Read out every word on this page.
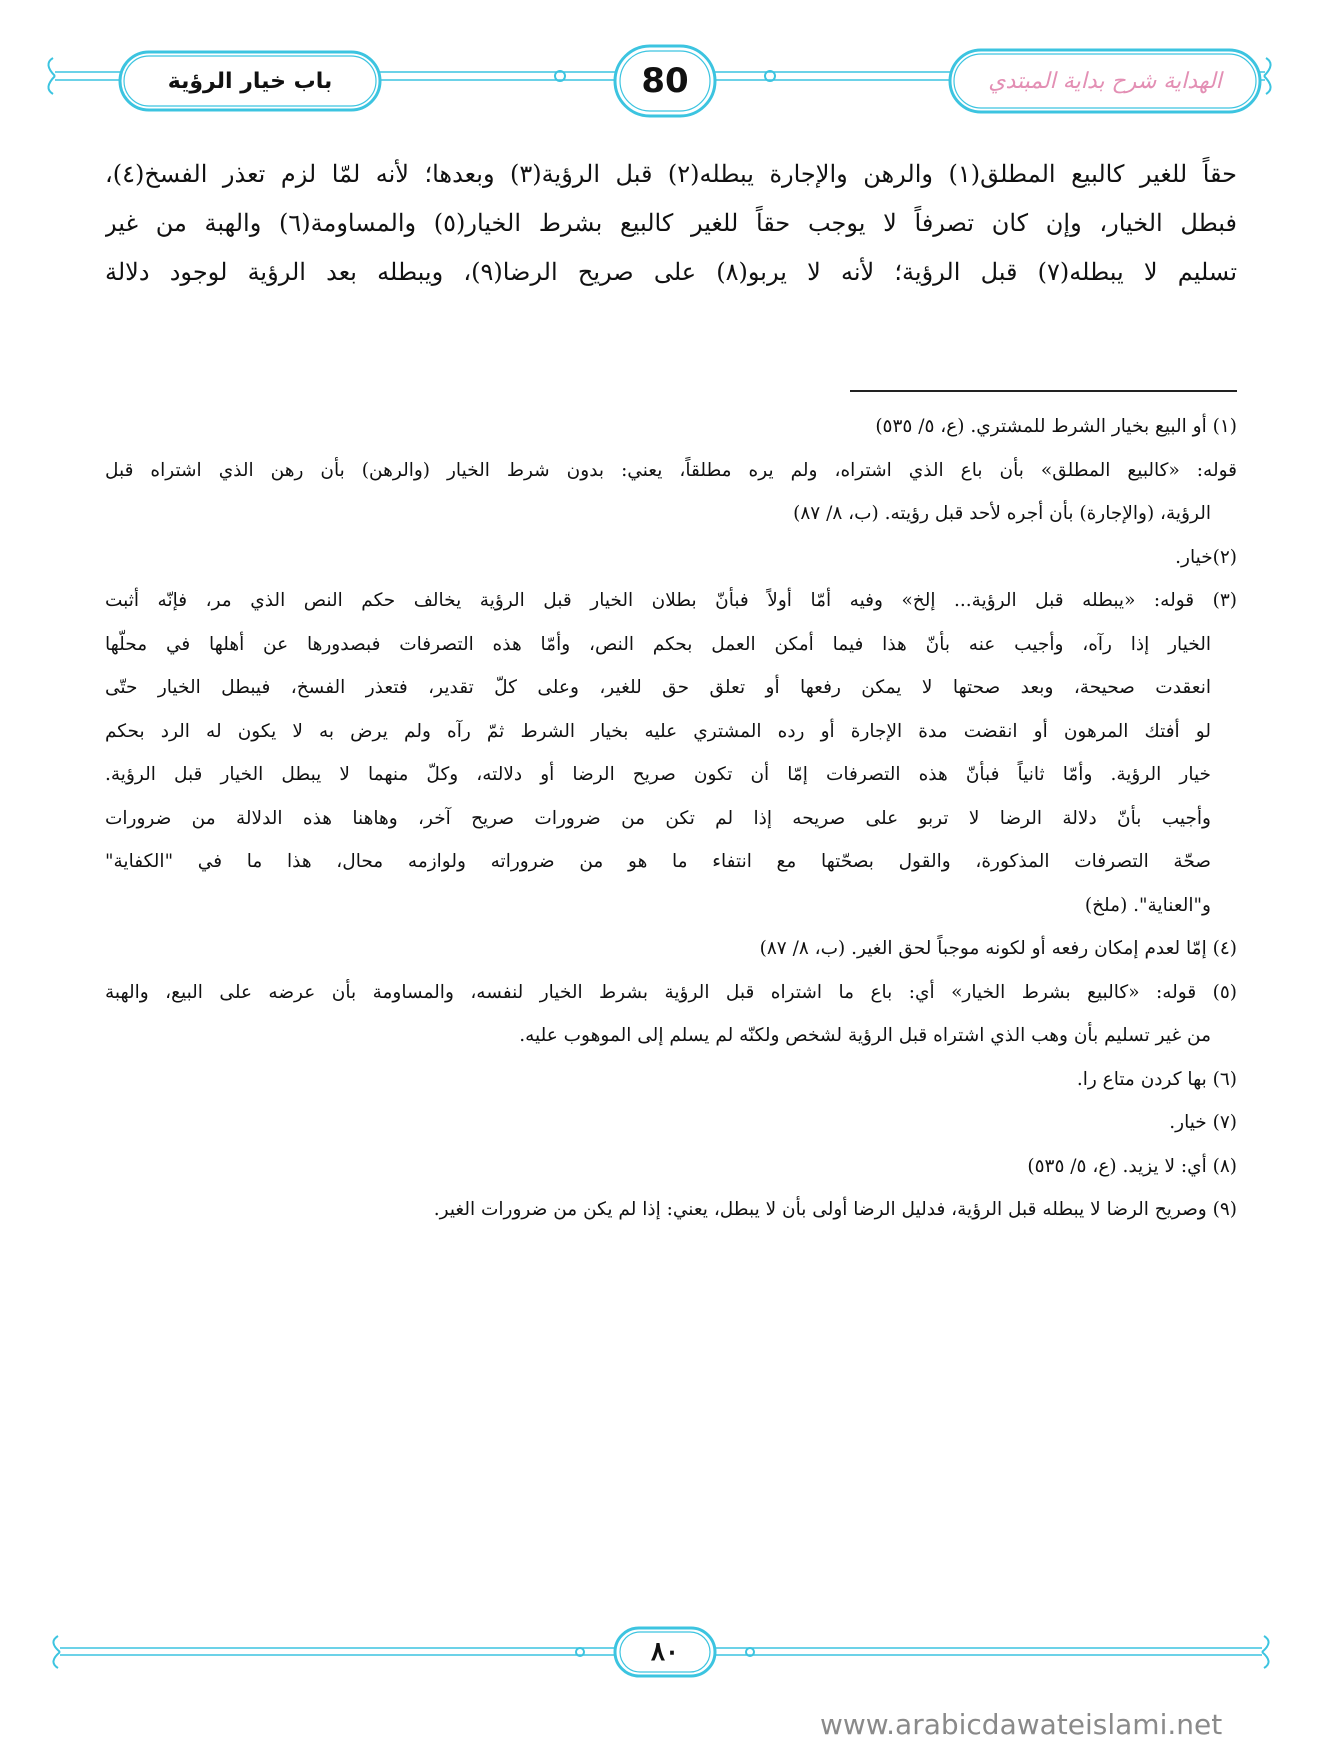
باب خيار الرؤية	80	الهداية شرح بداية المبتدي

حقاً للغير كالبيع المطلق(١) والرهن والإجارة يبطله(٢) قبل الرؤية(٣) وبعدها؛ لأنه لمّا لزم تعذر الفسخ(٤)،
فبطل الخيار، وإن كان تصرفاً لا يوجب حقاً للغير كالبيع بشرط الخيار(٥) والمساومة(٦) والهبة من غير
تسليم لا يبطله(٧) قبل الرؤية؛ لأنه لا يربو(٨) على صريح الرضا(٩)، ويبطله بعد الرؤية لوجود دلالة

(١) أو البيع بخيار الشرط للمشتري. (ع، ٥/ ٥٣٥)
قوله: «كالبيع المطلق» بأن باع الذي اشتراه، ولم يره مطلقاً، يعني: بدون شرط الخيار (والرهن) بأن رهن الذي اشتراه قبل
الرؤية، (والإجارة) بأن أجره لأحد قبل رؤيته. (ب، ٨/ ٨٧)
(٢)خيار.
(٣) قوله: «يبطله قبل الرؤية... إلخ» وفيه أمّا أولاً فبأنّ بطلان الخيار قبل الرؤية يخالف حكم النص الذي مر، فإنّه أثبت
الخيار إذا رآه، وأجيب عنه بأنّ هذا فيما أمكن العمل بحكم النص، وأمّا هذه التصرفات فبصدورها عن أهلها في محلّها
انعقدت صحيحة، وبعد صحتها لا يمكن رفعها أو تعلق حق للغير، وعلى كلّ تقدير، فتعذر الفسخ، فيبطل الخيار حتّى
لو أفتك المرهون أو انقضت مدة الإجارة أو رده المشتري عليه بخيار الشرط ثمّ رآه ولم يرض به لا يكون له الرد بحكم
خيار الرؤية. وأمّا ثانياً فبأنّ هذه التصرفات إمّا أن تكون صريح الرضا أو دلالته، وكلّ منهما لا يبطل الخيار قبل الرؤية.
وأجيب بأنّ دلالة الرضا لا تربو على صريحه إذا لم تكن من ضرورات صريح آخر، وهاهنا هذه الدلالة من ضرورات
صحّة التصرفات المذكورة، والقول بصحّتها مع انتفاء ما هو من ضروراته ولوازمه محال، هذا ما في "الكفاية"
و"العناية". (ملخ)
(٤) إمّا لعدم إمكان رفعه أو لكونه موجباً لحق الغير. (ب، ٨/ ٨٧)
(٥) قوله: «كالبيع بشرط الخيار» أي: باع ما اشتراه قبل الرؤية بشرط الخيار لنفسه، والمساومة بأن عرضه على البيع، والهبة
من غير تسليم بأن وهب الذي اشتراه قبل الرؤية لشخص ولكنّه لم يسلم إلى الموهوب عليه.
(٦) بها كردن متاع را.
(٧) خيار.
(٨) أي: لا يزيد. (ع، ٥/ ٥٣٥)
(٩) وصريح الرضا لا يبطله قبل الرؤية، فدليل الرضا أولى بأن لا يبطل، يعني: إذا لم يكن من ضرورات الغير.
٨٠
www.arabicdawateislami.net
